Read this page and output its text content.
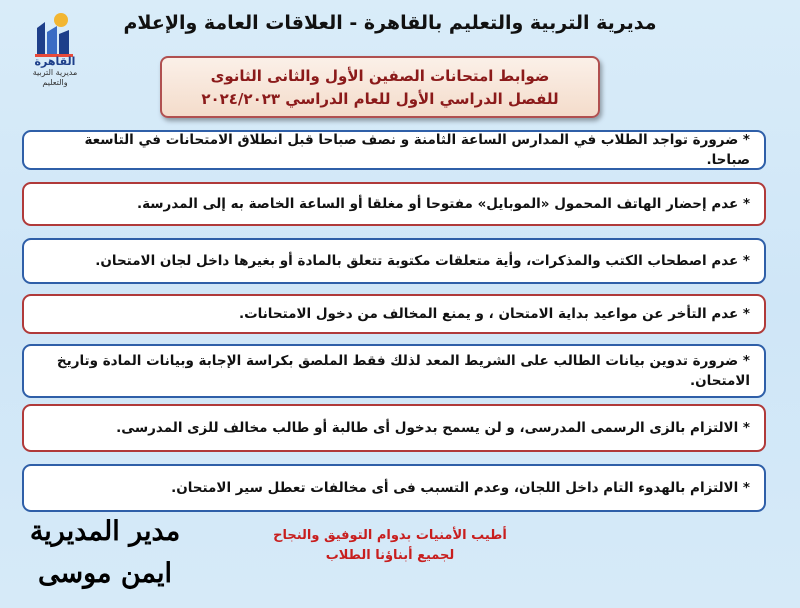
القاهرة
مديرية التربية والتعليم
مديرية التربية والتعليم بالقاهرة - العلاقات العامة والإعلام
ضوابط امتحانات الصفين الأول والثانى الثانوى
للفصل الدراسي الأول للعام الدراسي ٢٠٢٤/٢٠٢٣
* ضرورة تواجد الطلاب في المدارس الساعة الثامنة و نصف صباحا قبل انطلاق الامتحانات في التاسعة صباحا.
* عدم إحضار الهاتف المحمول «الموبايل» مفتوحا أو مغلقا أو الساعة الخاصة به إلى المدرسة.
* عدم اصطحاب الكتب والمذكرات، وأية متعلقات مكتوبة تتعلق بالمادة أو بغيرها داخل لجان الامتحان.
* عدم التأخر عن مواعيد بداية الامتحان ، و يمنع المخالف من دخول الامتحانات.
* ضرورة تدوين بيانات الطالب على الشريط المعد لذلك فقط الملصق بكراسة الإجابة وبيانات المادة وتاريخ الامتحان.
* الالتزام بالزى الرسمى المدرسى، و لن يسمح بدخول أى طالبة أو طالب مخالف للزى المدرسى.
* الالتزام بالهدوء التام داخل اللجان، وعدم التسبب فى أى مخالفات تعطل سير الامتحان.
أطيب الأمنيات بدوام التوفيق والنجاح
لجميع أبناؤنا الطلاب
مدير المديرية
ايمن موسى
